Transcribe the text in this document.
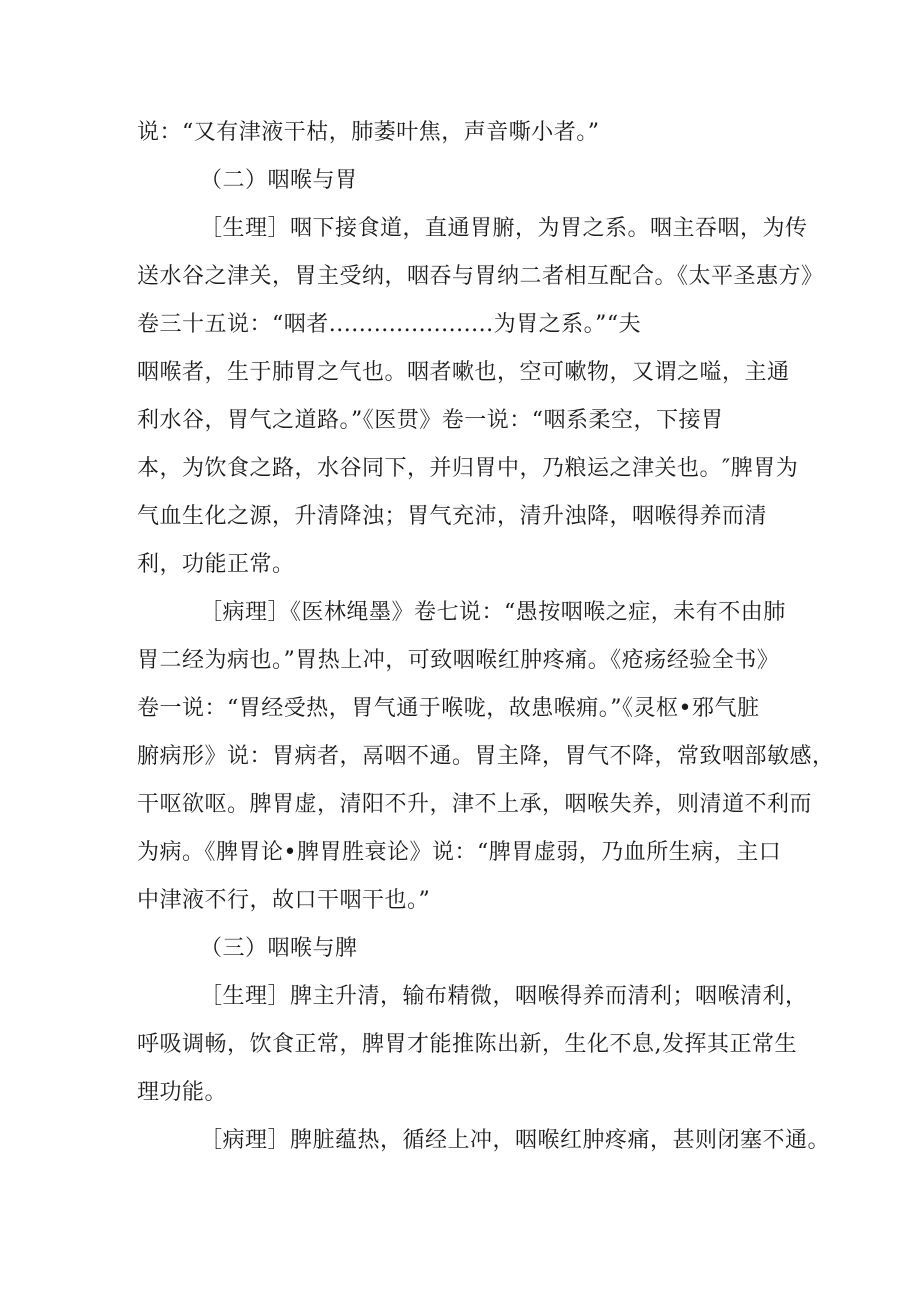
说：“又有津液干枯，肺萎叶焦，声音嘶小者。”
（二）咽喉与胃
［生理］咽下接食道，直通胃腑，为胃之系。咽主吞咽，为传
送水谷之津关，胃主受纳，咽吞与胃纳二者相互配合。《太平圣惠方》
卷三十五说：“咽者......................为胃之系。”“夫
咽喉者，生于肺胃之气也。咽者嗽也，空可嗽物，又谓之嗌，主通
利水谷，胃气之道路。”《医贯》卷一说：“咽系柔空，下接胃
本，为饮食之路，水谷同下，并归胃中，乃粮运之津关也。″脾胃为
气血生化之源，升清降浊；胃气充沛，清升浊降，咽喉得养而清
利，功能正常。
［病理］《医林绳墨》卷七说：“愚按咽喉之症，未有不由肺
胃二经为病也。”胃热上冲，可致咽喉红肿疼痛。《疮疡经验全书》
卷一说：“胃经受热，胃气通于喉咙，故患喉痈。”《灵枢•邪气脏
腑病形》说：胃病者，鬲咽不通。胃主降，胃气不降，常致咽部敏感，
干呕欲呕。脾胃虚，清阳不升，津不上承，咽喉失养，则清道不利而
为病。《脾胃论•脾胃胜衰论》说：“脾胃虚弱，乃血所生病，主口
中津液不行，故口干咽干也。”
（三）咽喉与脾
［生理］脾主升清，输布精微，咽喉得养而清利；咽喉清利，
呼吸调畅，饮食正常，脾胃才能推陈出新，生化不息,发挥其正常生
理功能。
［病理］脾脏蕴热，循经上冲，咽喉红肿疼痛，甚则闭塞不通。
